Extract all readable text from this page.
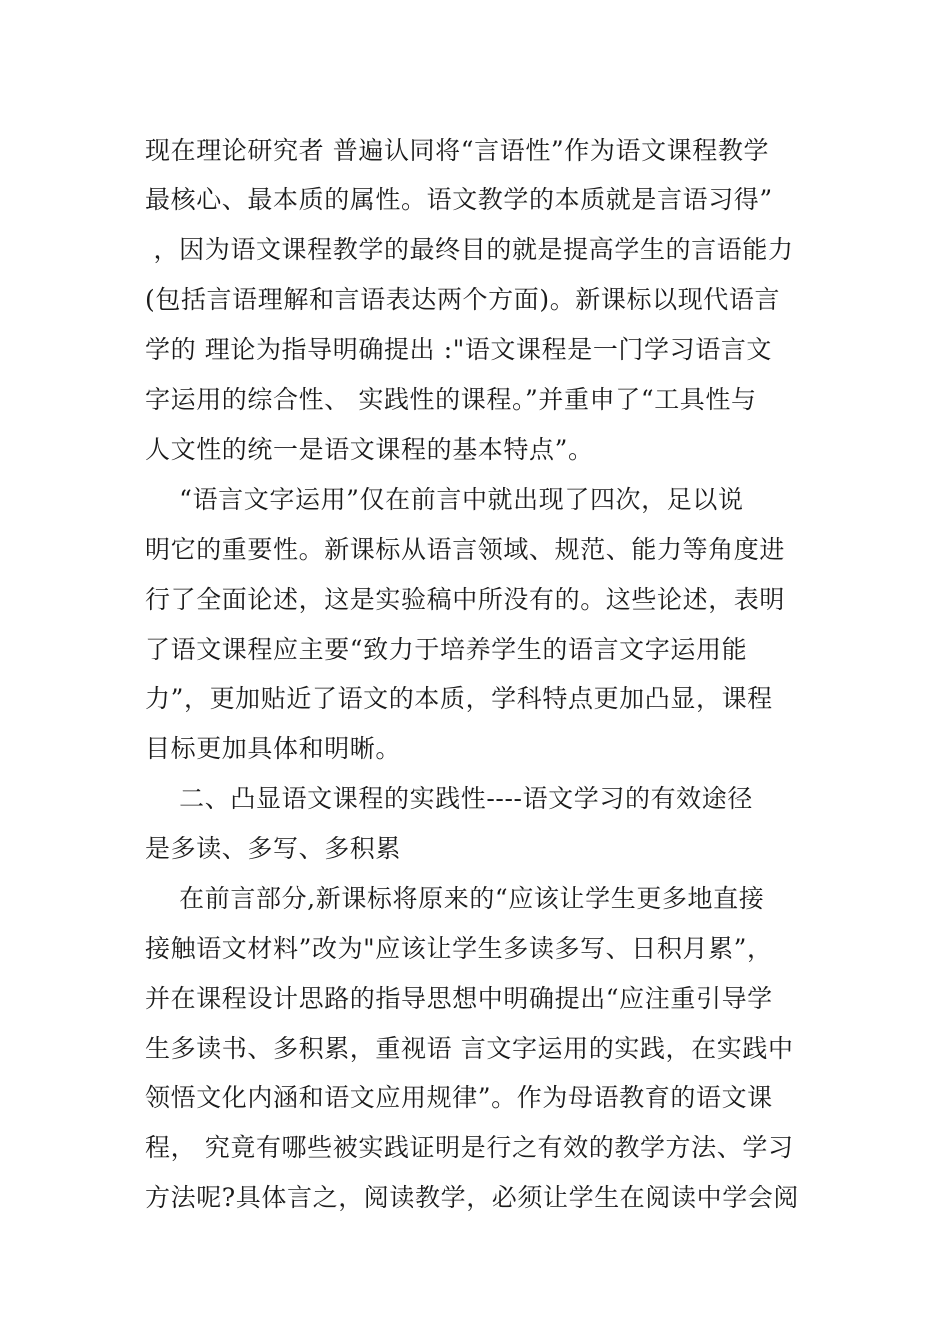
现在理论研究者 普遍认同将“言语性”作为语文课程教学
最核心、最本质的属性。语文教学的本质就是言语习得”
，因为语文课程教学的最终目的就是提高学生的言语能力
(包括言语理解和言语表达两个方面)。新课标以现代语言
学的 理论为指导明确提出 :"语文课程是一门学习语言文
字运用的综合性、 实践性的课程。”并重申了“工具性与
人文性的统一是语文课程的基本特点”。
“语言文字运用”仅在前言中就出现了四次，足以说
明它的重要性。新课标从语言领域、规范、能力等角度进
行了全面论述，这是实验稿中所没有的。这些论述，表明
了语文课程应主要“致力于培养学生的语言文字运用能
力”，更加贴近了语文的本质，学科特点更加凸显，课程
目标更加具体和明晰。
二、凸显语文课程的实践性----语文学习的有效途径
是多读、多写、多积累
在前言部分,新课标将原来的“应该让学生更多地直接
接触语文材料”改为"应该让学生多读多写、日积月累”，
并在课程设计思路的指导思想中明确提出“应注重引导学
生多读书、多积累，重视语 言文字运用的实践，在实践中
领悟文化内涵和语文应用规律”。作为母语教育的语文课
程， 究竟有哪些被实践证明是行之有效的教学方法、学习
方法呢?具体言之，阅读教学，必须让学生在阅读中学会阅
